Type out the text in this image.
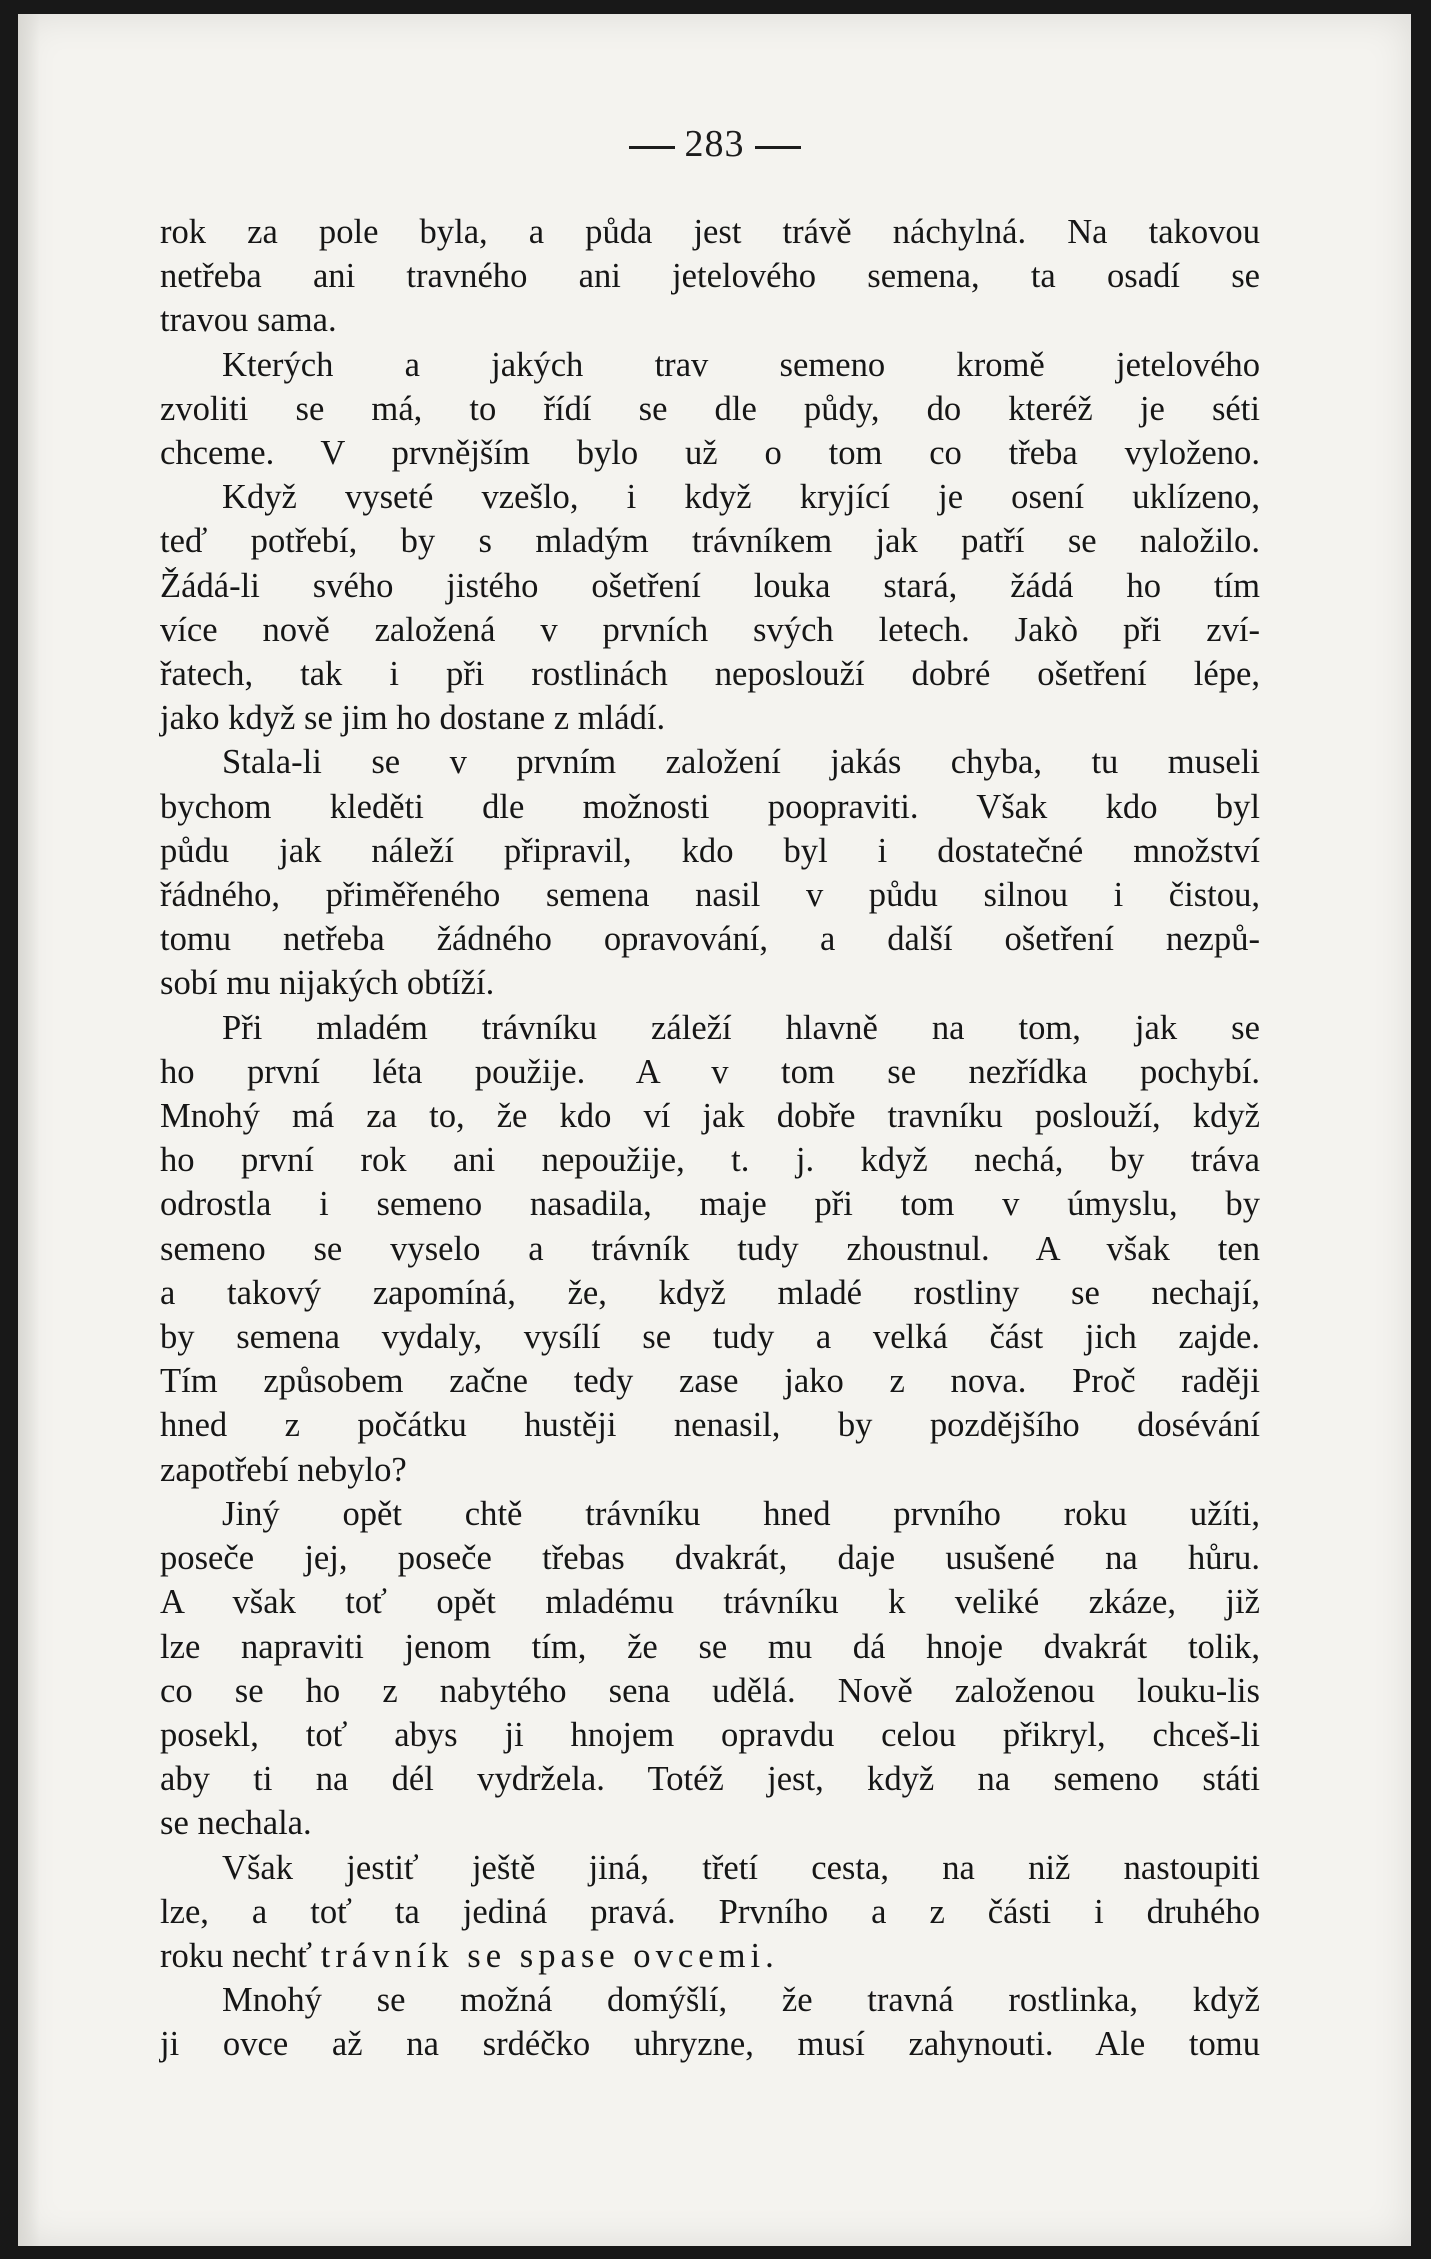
283
rok za pole byla, a půda jest trávě náchylná. Na takovou
netřeba ani travného ani jetelového semena, ta osadí se
travou sama.
Kterých a jakých trav semeno kromě jetelového
zvoliti se má, to řídí se dle půdy, do kteréž je séti
chceme. V prvnějším bylo už o tom co třeba vyloženo.
Když vyseté vzešlo, i když kryjící je osení uklízeno,
teď potřebí, by s mladým trávníkem jak patří se naložilo.
Žádá-li svého jistého ošetření louka stará, žádá ho tím
více nově založená v prvních svých letech. Jakò při zví-
řatech, tak i při rostlinách neposlouží dobré ošetření lépe,
jako když se jim ho dostane z mládí.
Stala-li se v prvním založení jakás chyba, tu museli
bychom kleděti dle možnosti poopraviti. Však kdo byl
půdu jak náleží připravil, kdo byl i dostatečné množství
řádného, přiměřeného semena nasil v půdu silnou i čistou,
tomu netřeba žádného opravování, a další ošetření nezpů-
sobí mu nijakých obtíží.
Při mladém trávníku záleží hlavně na tom, jak se
ho první léta použije. A v tom se nezřídka pochybí.
Mnohý má za to, že kdo ví jak dobře travníku poslouží, když
ho první rok ani nepoužije, t. j. když nechá, by tráva
odrostla i semeno nasadila, maje při tom v úmyslu, by
semeno se vyselo a trávník tudy zhoustnul. A však ten
a takový zapomíná, že, když mladé rostliny se nechají,
by semena vydaly, vysílí se tudy a velká část jich zajde.
Tím způsobem začne tedy zase jako z nova. Proč raději
hned z počátku hustěji nenasil, by pozdějšího dosévání
zapotřebí nebylo?
Jiný opět chtě trávníku hned prvního roku užíti,
poseče jej, poseče třebas dvakrát, daje usušené na hůru.
A však toť opět mladému trávníku k veliké zkáze, již
lze napraviti jenom tím, že se mu dá hnoje dvakrát tolik,
co se ho z nabytého sena udělá. Nově založenou louku-lis
posekl, toť abys ji hnojem opravdu celou přikryl, chceš-li
aby ti na dél vydržela. Totéž jest, když na semeno státi
se nechala.
Však jestiť ještě jiná, třetí cesta, na niž nastoupiti
lze, a toť ta jediná pravá. Prvního a z části i druhého
roku nechť trávník se spase ovcemi.
Mnohý se možná domýšlí, že travná rostlinka, když
ji ovce až na srdéčko uhryzne, musí zahynouti. Ale tomu
